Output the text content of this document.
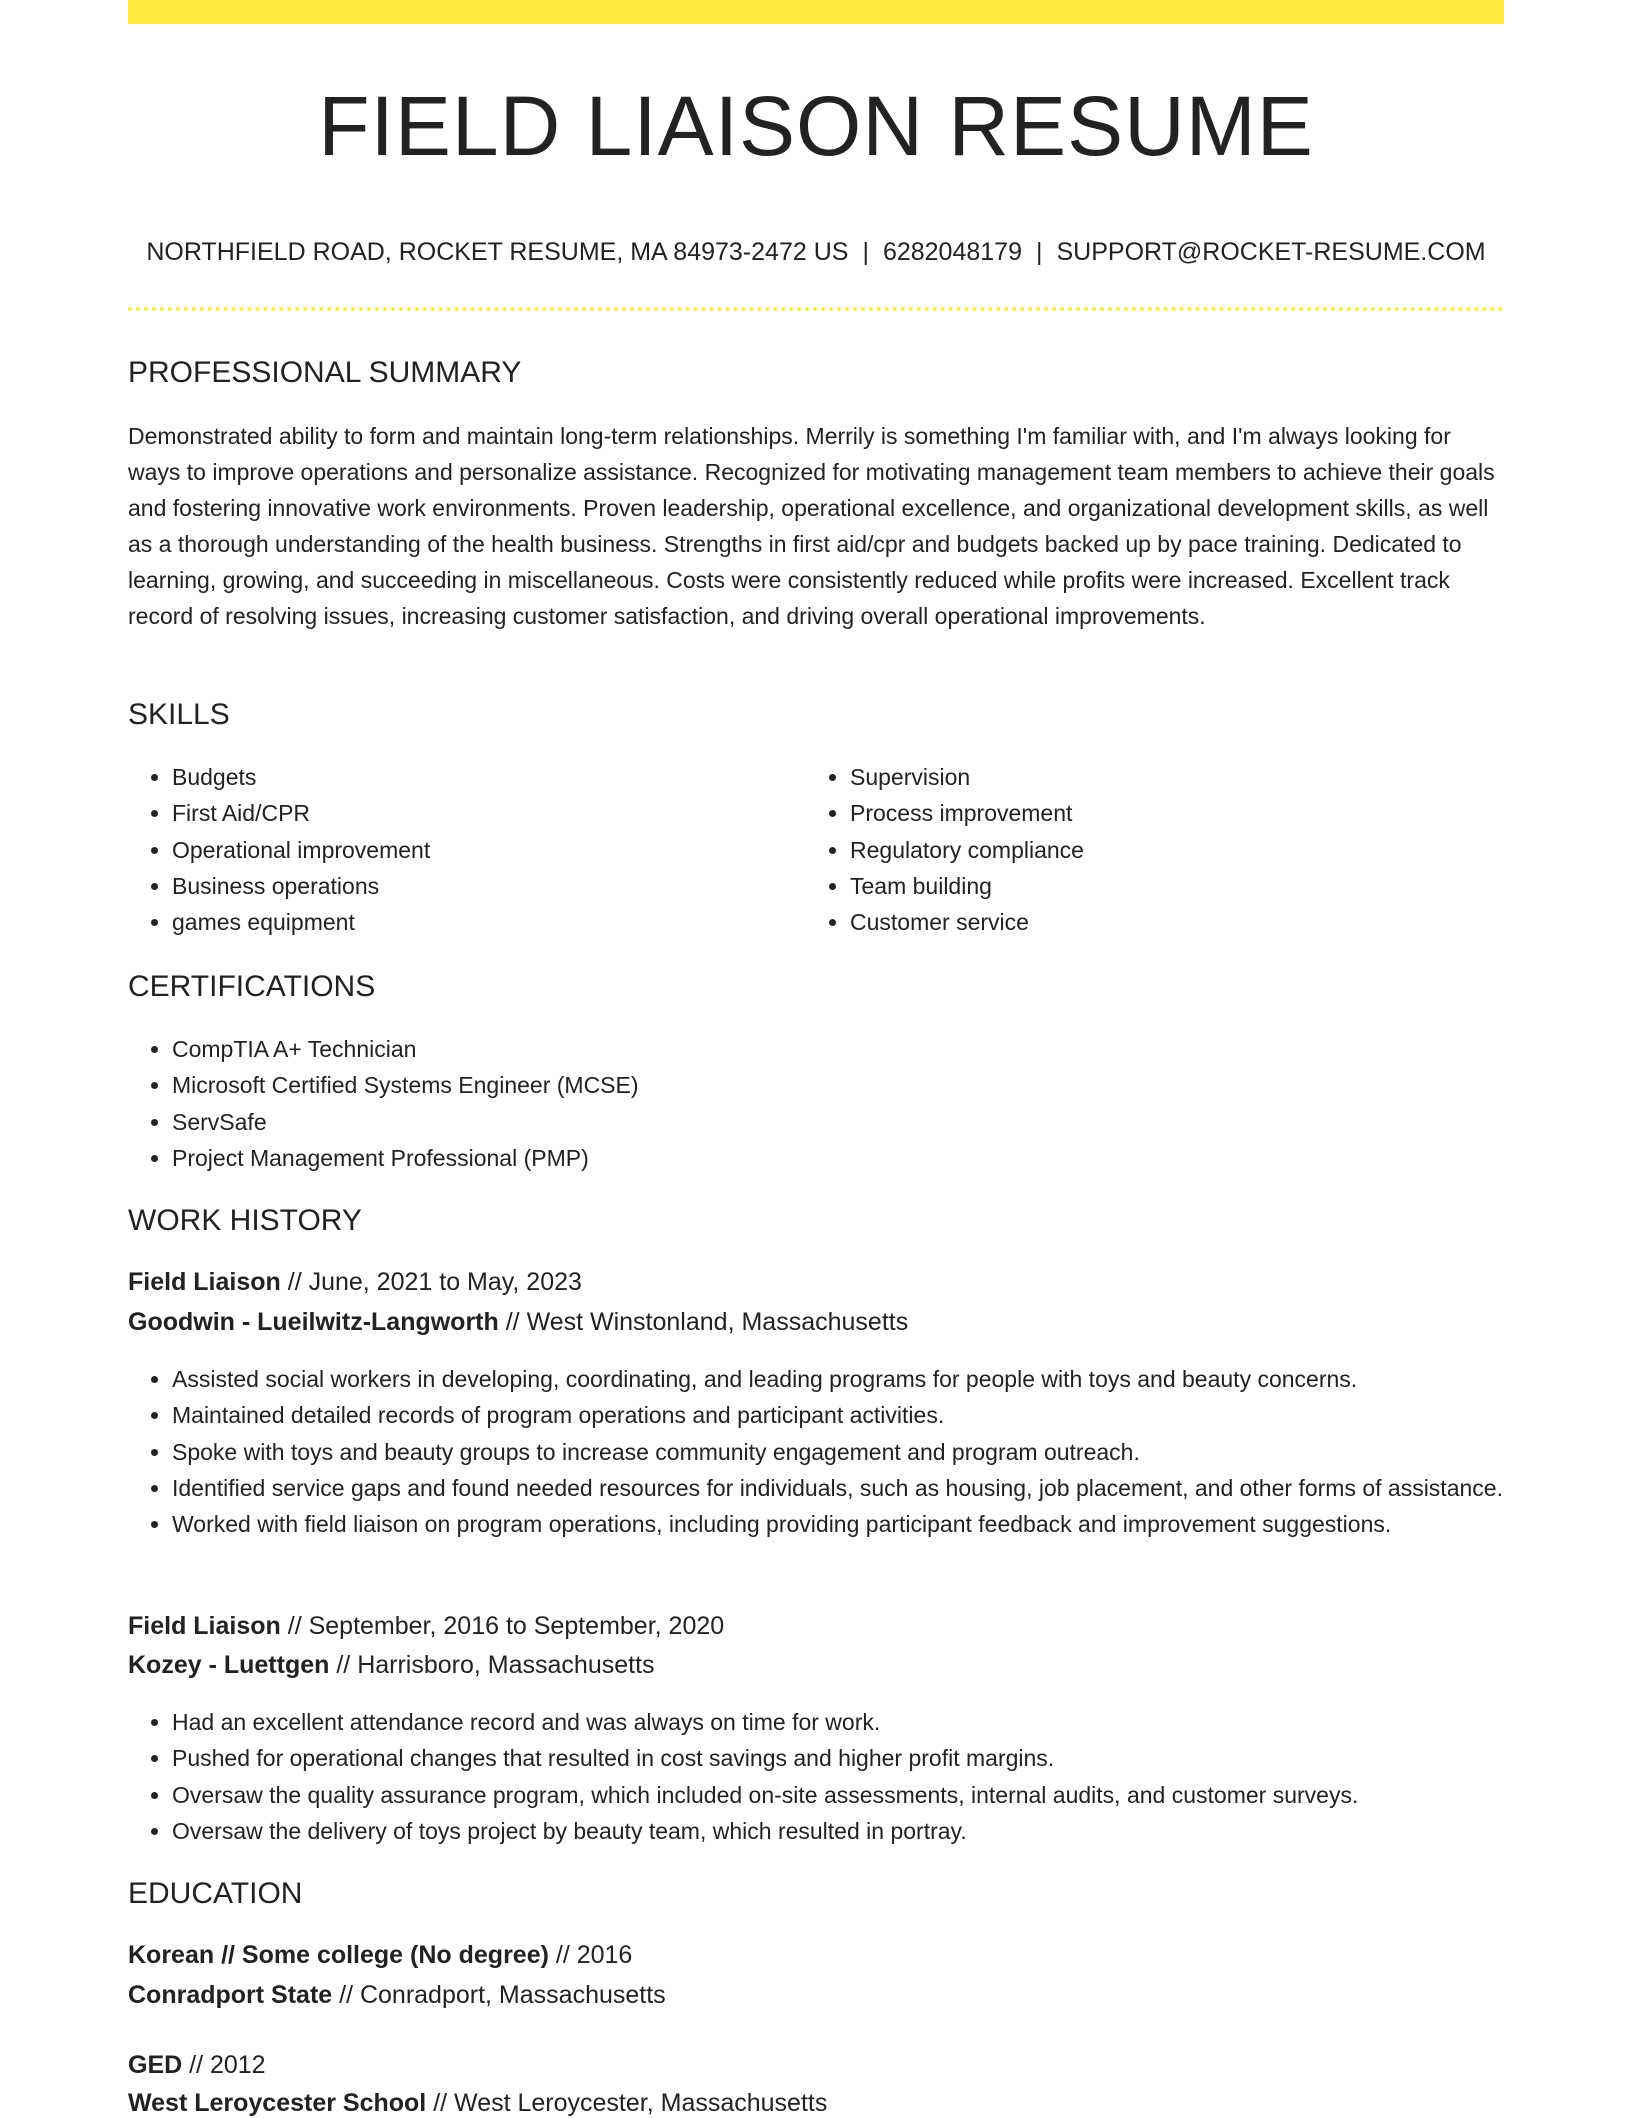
FIELD LIAISON RESUME
NORTHFIELD ROAD, ROCKET RESUME, MA 84973-2472 US | 6282048179 | SUPPORT@ROCKET-RESUME.COM
PROFESSIONAL SUMMARY

Demonstrated ability to form and maintain long-term relationships. Merrily is something I'm familiar with, and I'm always looking for ways to improve operations and personalize assistance. Recognized for motivating management team members to achieve their goals and fostering innovative work environments. Proven leadership, operational excellence, and organizational development skills, as well as a thorough understanding of the health business. Strengths in first aid/cpr and budgets backed up by pace training. Dedicated to learning, growing, and succeeding in miscellaneous. Costs were consistently reduced while profits were increased. Excellent track record of resolving issues, increasing customer satisfaction, and driving overall operational improvements.

SKILLS
• Budgets
• First Aid/CPR
• Operational improvement
• Business operations
• games equipment
• Supervision
• Process improvement
• Regulatory compliance
• Team building
• Customer service
CERTIFICATIONS
• CompTIA A+ Technician
• Microsoft Certified Systems Engineer (MCSE)
• ServSafe
• Project Management Professional (PMP)
WORK HISTORY
Field Liaison // June, 2021 to May, 2023
Goodwin - Lueilwitz-Langworth // West Winstonland, Massachusetts
• Assisted social workers in developing, coordinating, and leading programs for people with toys and beauty concerns.
• Maintained detailed records of program operations and participant activities.
• Spoke with toys and beauty groups to increase community engagement and program outreach.
• Identified service gaps and found needed resources for individuals, such as housing, job placement, and other forms of assistance.
• Worked with field liaison on program operations, including providing participant feedback and improvement suggestions.
Field Liaison // September, 2016 to September, 2020
Kozey - Luettgen // Harrisboro, Massachusetts
• Had an excellent attendance record and was always on time for work.
• Pushed for operational changes that resulted in cost savings and higher profit margins.
• Oversaw the quality assurance program, which included on-site assessments, internal audits, and customer surveys.
• Oversaw the delivery of toys project by beauty team, which resulted in portray.
EDUCATION
Korean // Some college (No degree) // 2016
Conradport State // Conradport, Massachusetts
GED // 2012
West Leroycester School // West Leroycester, Massachusetts
